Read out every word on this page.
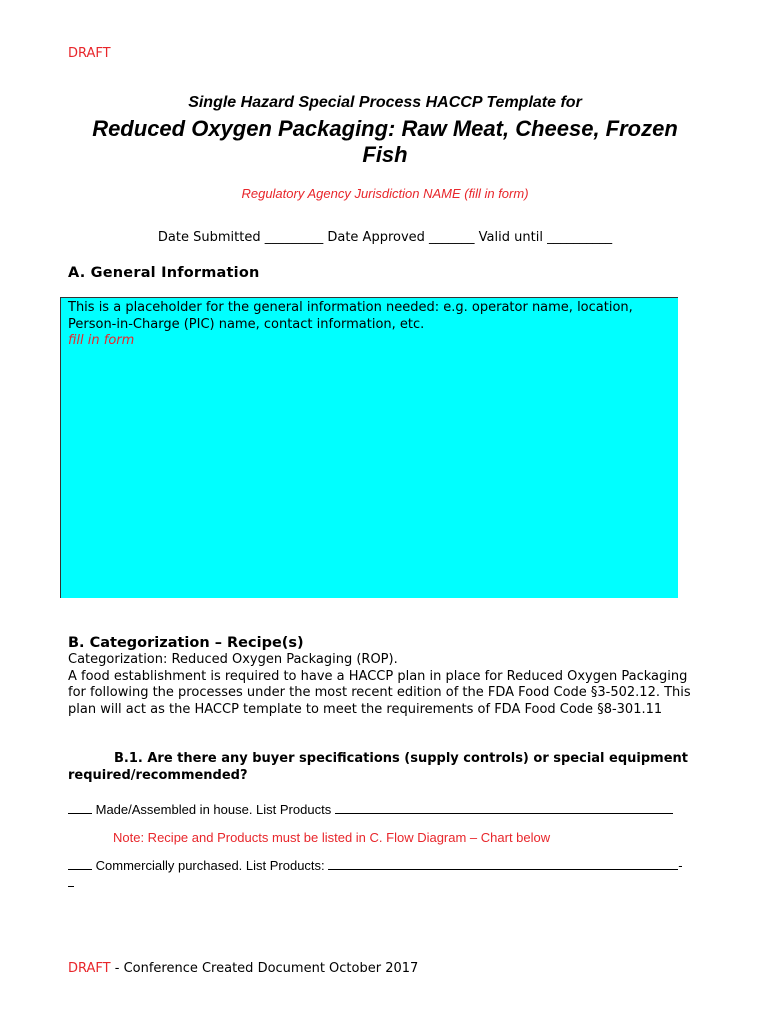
DRAFT
Single Hazard Special Process HACCP Template for
Reduced Oxygen Packaging: Raw Meat, Cheese, Frozen Fish
Regulatory Agency Jurisdiction NAME (fill in form)
Date Submitted _________ Date Approved _______ Valid until __________
A. General Information
This is a placeholder for the general information needed: e.g. operator name, location, Person-in-Charge (PIC) name, contact information, etc.
fill in form
B. Categorization – Recipe(s)
Categorization: Reduced Oxygen Packaging (ROP).
A food establishment is required to have a HACCP plan in place for Reduced Oxygen Packaging for following the processes under the most recent edition of the FDA Food Code §3-502.12. This plan will act as the HACCP template to meet the requirements of FDA Food Code §8-301.11
B.1. Are there any buyer specifications (supply controls) or special equipment required/recommended?
Made/Assembled in house. List Products
Note: Recipe and Products must be listed in C. Flow Diagram – Chart below
Commercially purchased. List Products:	-

DRAFT - Conference Created Document October 2017
